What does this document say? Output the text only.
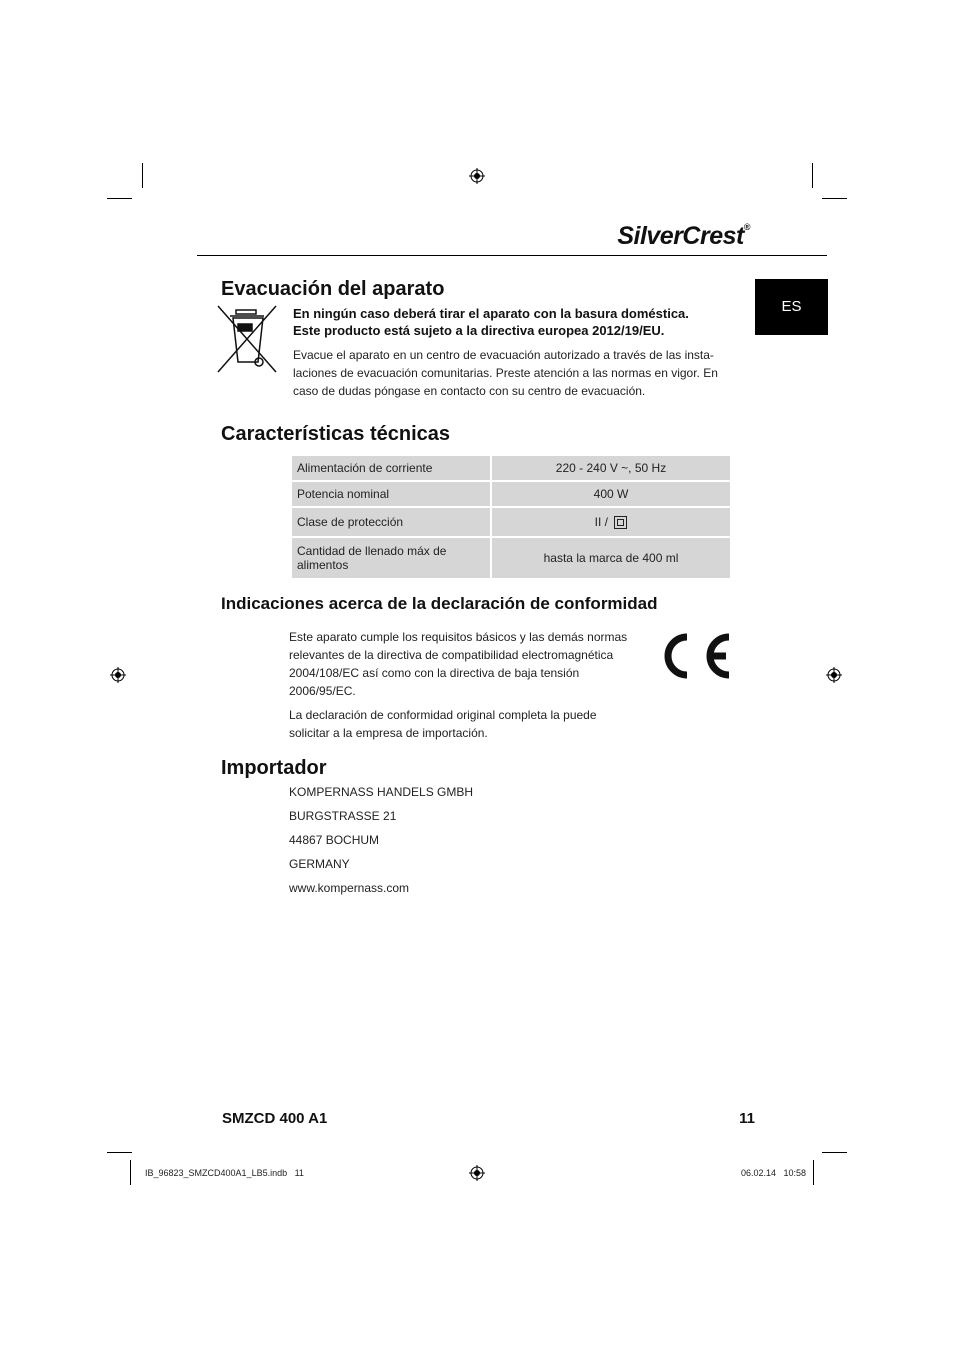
SilverCrest®
ES
Evacuación del aparato
En ningún caso deberá tirar el aparato con la basura doméstica.
Este producto está sujeto a la directiva europea 2012/19/EU.
Evacue el aparato en un centro de evacuación autorizado a través de las insta-
laciones de evacuación comunitarias. Preste atención a las normas en vigor. En
caso de dudas póngase en contacto con su centro de evacuación.
Características técnicas
Alimentación de corriente	220 - 240 V ~, 50 Hz
Potencia nominal	400 W
Clase de protección	II /
Cantidad de llenado máx de alimentos	hasta la marca de 400 ml
Indicaciones acerca de la declaración de conformidad
Este aparato cumple los requisitos básicos y las demás normas
relevantes de la directiva de compatibilidad electromagnética
2004/108/EC así como con la directiva de baja tensión
2006/95/EC.
La declaración de conformidad original completa la puede
solicitar a la empresa de importación.
Importador
KOMPERNASS HANDELS GMBH
BURGSTRASSE 21
44867 BOCHUM
GERMANY
www.kompernass.com
SMZCD 400 A1	11
IB_96823_SMZCD400A1_LB5.indb   11	06.02.14   10:58
